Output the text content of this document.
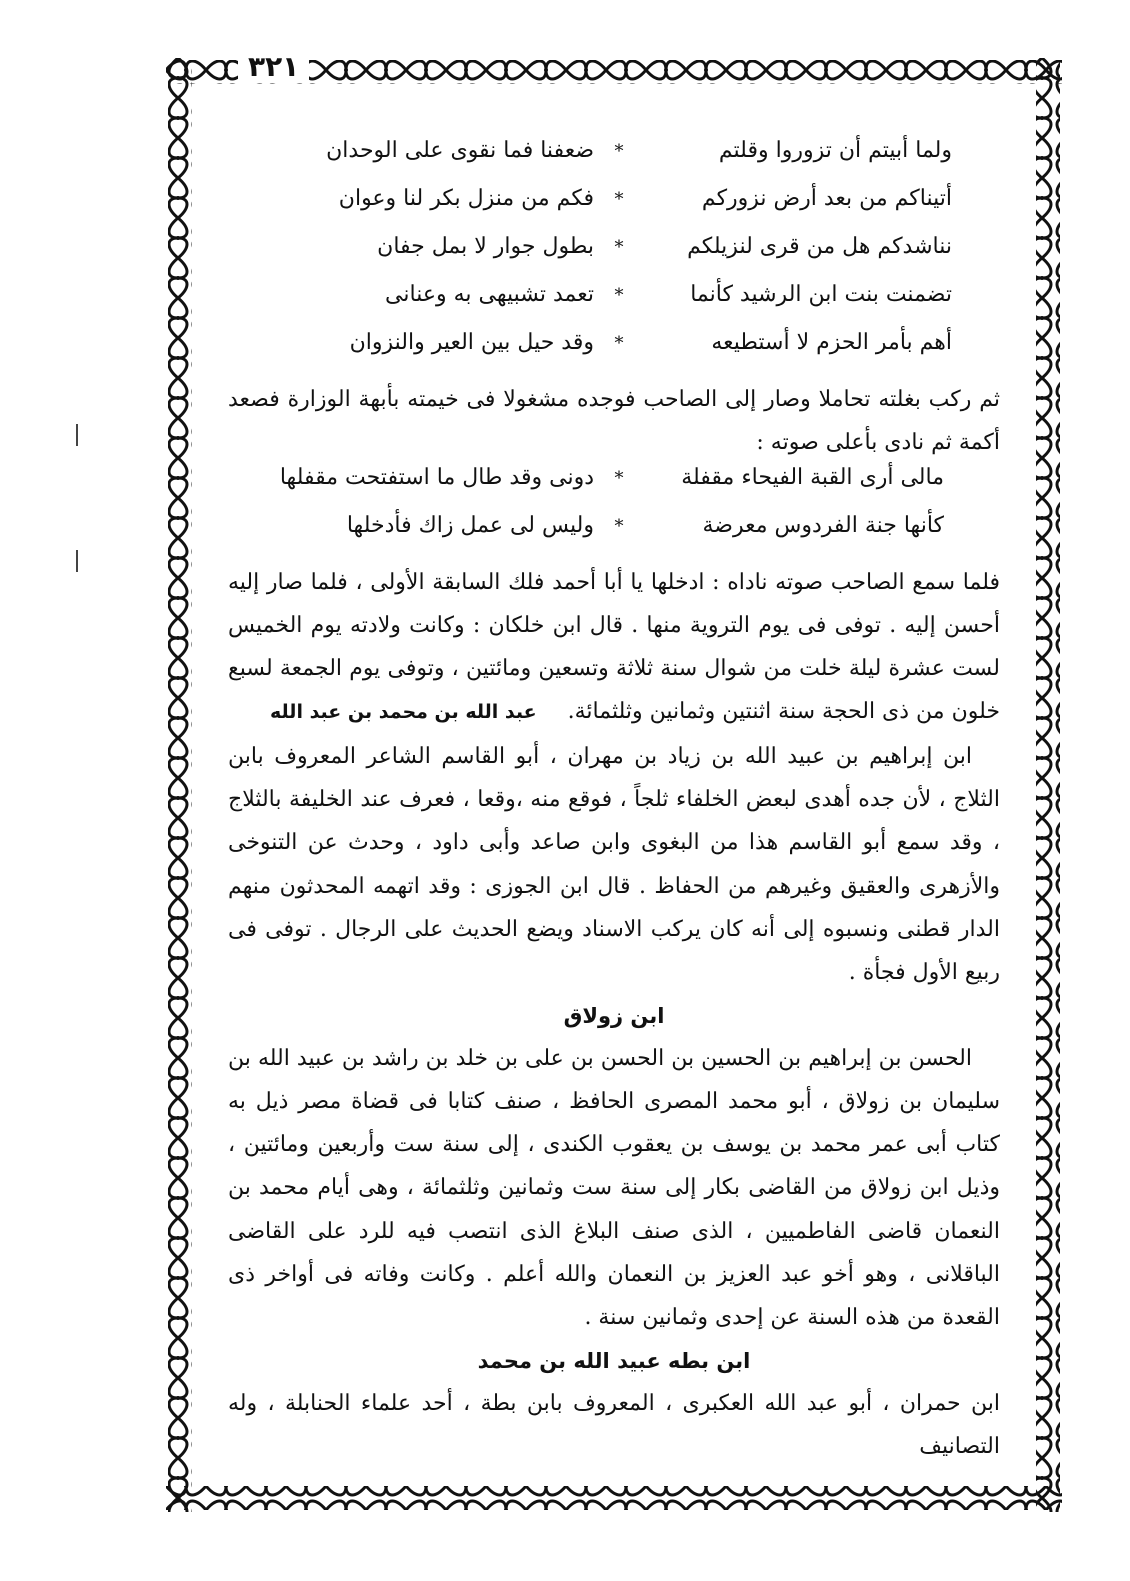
٣٢١
ولما أبيتم أن تزوروا وقلتم
*
ضعفنا فما نقوى على الوحدان
أتيناكم من بعد أرض نزوركم
*
فكم من منزل بكر لنا وعوان
نناشدكم هل من قرى لنزيلكم
*
بطول جوار لا بمل جفان
تضمنت بنت ابن الرشيد كأنما
*
تعمد تشبيهى به وعنانى
أهم بأمر الحزم لا أستطيعه
*
وقد حيل بين العير والنزوان

ثم ركب بغلته تحاملا وصار إلى الصاحب فوجده مشغولا فى خيمته بأبهة الوزارة فصعد أكمة ثم نادى بأعلى صوته :

مالى أرى القبة الفيحاء مقفلة
*
دونى وقد طال ما استفتحت مقفلها
كأنها جنة الفردوس معرضة
*
وليس لى عمل زاك فأدخلها

فلما سمع الصاحب صوته ناداه : ادخلها يا أبا أحمد فلك السابقة الأولى ، فلما صار إليه أحسن إليه . توفى فى يوم التروية منها . قال ابن خلكان : وكانت ولادته يوم الخميس لست عشرة ليلة خلت من شوال سنة ثلاثة وتسعين ومائتين ، وتوفى يوم الجمعة لسبع خلون من ذى الحجة سنة اثنتين وثمانين وثلثمائة. عبد الله بن محمد بن عبد الله

ابن إبراهيم بن عبيد الله بن زياد بن مهران ، أبو القاسم الشاعر المعروف بابن الثلاج ، لأن جده أهدى لبعض الخلفاء ثلجاً ، فوقع منه ،وقعا ، فعرف عند الخليفة بالثلاج ، وقد سمع أبو القاسم هذا من البغوى وابن صاعد وأبى داود ، وحدث عن التنوخى والأزهرى والعقيق وغيرهم من الحفاظ . قال ابن الجوزى : وقد اتهمه المحدثون منهم الدار قطنى ونسبوه إلى أنه كان يركب الاسناد ويضع الحديث على الرجال . توفى فى ربيع الأول فجأة .

ابن زولاق

الحسن بن إبراهيم بن الحسين بن الحسن بن على بن خلد بن راشد بن عبيد الله بن سليمان بن زولاق ، أبو محمد المصرى الحافظ ، صنف كتابا فى قضاة مصر ذيل به كتاب أبى عمر محمد بن يوسف بن يعقوب الكندى ، إلى سنة ست وأربعين ومائتين ، وذيل ابن زولاق من القاضى بكار إلى سنة ست وثمانين وثلثمائة ، وهى أيام محمد بن النعمان قاضى الفاطميين ، الذى صنف البلاغ الذى انتصب فيه للرد على القاضى الباقلانى ، وهو أخو عبد العزيز بن النعمان والله أعلم . وكانت وفاته فى أواخر ذى القعدة من هذه السنة عن إحدى وثمانين سنة .

ابن بطه عبيد الله بن محمد

ابن حمران ، أبو عبد الله العكبرى ، المعروف بابن بطة ، أحد علماء الحنابلة ، وله التصانيف
